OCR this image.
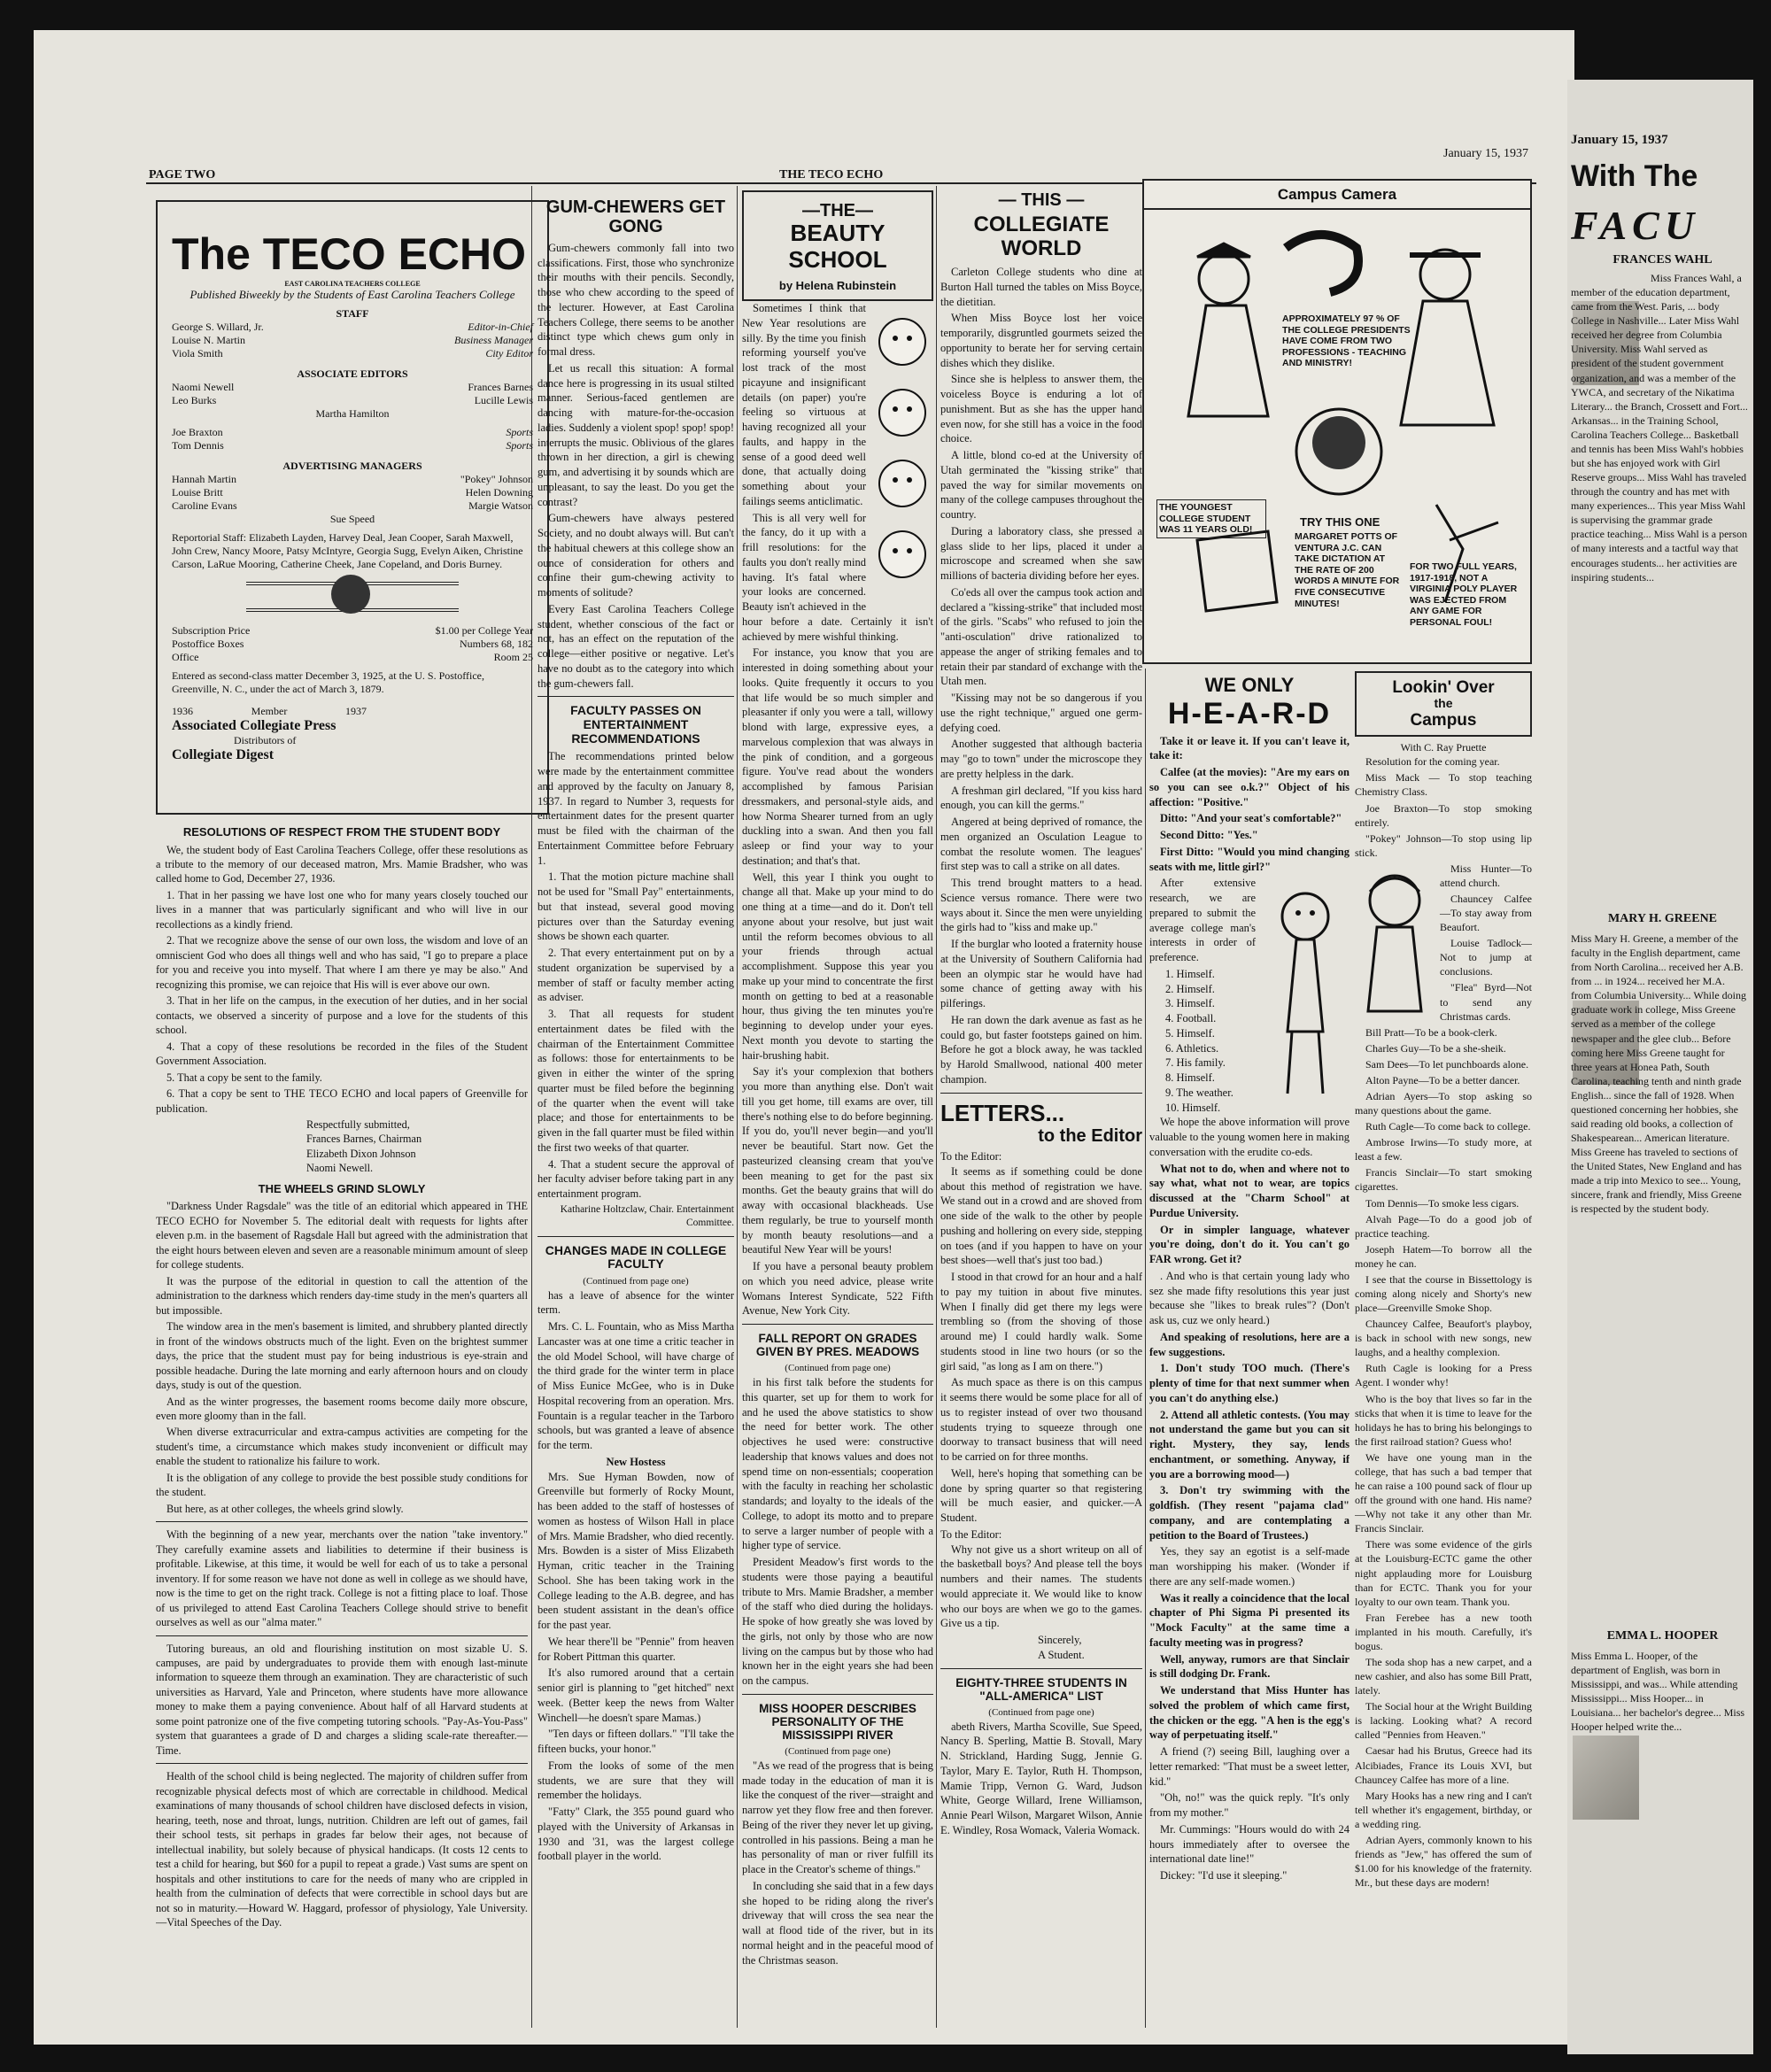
January 15, 1937
With The
FACU
FRANCES WAHL
Miss Frances Wahl, a member of the education department, came from the West. Paris, ... body College in Nashville... Later Miss Wahl received her degree from Columbia University. Miss Wahl served as president of the student government organization, and was a member of the YWCA, and secretary of the Nikatima Literary... the Branch, Crossett and Fort... Arkansas... in the Training School, Carolina Teachers College... Basketball and tennis has been Miss Wahl's hobbies but she has enjoyed work with Girl Reserve groups... Miss Wahl has traveled through the country and has met with many experiences... This year Miss Wahl is supervising the grammar grade practice teaching... Miss Wahl is a person of many interests and a tactful way that encourages students... her activities are inspiring students...
MARY H. GREENE
Miss Mary H. Greene, a member of the faculty in the English department, came from North Carolina... received her A.B. from ... in 1924... received her M.A. from Columbia University... While doing graduate work in college, Miss Greene served as a member of the college newspaper and the glee club... Before coming here Miss Greene taught for three years at Honea Path, South Carolina, teaching tenth and ninth grade English... since the fall of 1928. When questioned concerning her hobbies, she said reading old books, a collection of Shakespearean... American literature. Miss Greene has traveled to sections of the United States, New England and has made a trip into Mexico to see... Young, sincere, frank and friendly, Miss Greene is respected by the student body.
EMMA L. HOOPER
Miss Emma L. Hooper, of the department of English, was born in Mississippi, and was... While attending Mississippi... Miss Hooper... in Louisiana... her bachelor's degree... Miss Hooper helped write the...
PAGE TWO	THE TECO ECHO
January 15, 1937
The TECO ECHO
EAST CAROLINA TEACHERS COLLEGE
Published Biweekly by the Students of East Carolina Teachers College
STAFF
George S. Willard, Jr.	Editor-in-Chief
Louise N. Martin	Business Manager
Viola Smith	City Editor
ASSOCIATE EDITORS
Naomi Newell	Frances Barnes
Leo Burks	Lucille Lewis
Martha Hamilton
Joe Braxton	Sports
Tom Dennis	Sports
ADVERTISING MANAGERS
Hannah Martin	"Pokey" Johnson
Louise Britt	Helen Downing
Caroline Evans	Margie Watson
Sue Speed
Reportorial Staff: Elizabeth Layden, Harvey Deal, Jean Cooper, Sarah Maxwell, John Crew, Nancy Moore, Patsy McIntyre, Georgia Sugg, Evelyn Aiken, Christine Carson, LaRue Mooring, Catherine Cheek, Jane Copeland, and Doris Burney.
Subscription Price	$1.00 per College Year
Postoffice Boxes	Numbers 68, 182
Office	Room 25
Entered as second-class matter December 3, 1925, at the U. S. Postoffice, Greenville, N. C., under the act of March 3, 1879.
1936	Member	1937
Associated Collegiate Press
Distributors of
Collegiate Digest
RESOLUTIONS OF RESPECT FROM THE STUDENT BODY

We, the student body of East Carolina Teachers College, offer these resolutions as a tribute to the memory of our deceased matron, Mrs. Mamie Bradsher, who was called home to God, December 27, 1936.

1. That in her passing we have lost one who for many years closely touched our lives in a manner that was particularly significant and who will live in our recollections as a kindly friend.

2. That we recognize above the sense of our own loss, the wisdom and love of an omniscient God who does all things well and who has said, "I go to prepare a place for you and receive you into myself. That where I am there ye may be also." And recognizing this promise, we can rejoice that His will is ever above our own.

3. That in her life on the campus, in the execution of her duties, and in her social contacts, we observed a sincerity of purpose and a love for the students of this school.

4. That a copy of these resolutions be recorded in the files of the Student Government Association.

5. That a copy be sent to the family.

6. That a copy be sent to THE TECO ECHO and local papers of Greenville for publication.

Respectfully submitted,
Frances Barnes, Chairman
Elizabeth Dixon Johnson
Naomi Newell.
THE WHEELS GRIND SLOWLY

"Darkness Under Ragsdale" was the title of an editorial which appeared in THE TECO ECHO for November 5. The editorial dealt with requests for lights after eleven p.m. in the basement of Ragsdale Hall but agreed with the administration that the eight hours between eleven and seven are a reasonable minimum amount of sleep for college students.

It was the purpose of the editorial in question to call the attention of the administration to the darkness which renders day-time study in the men's quarters all but impossible.

The window area in the men's basement is limited, and shrubbery planted directly in front of the windows obstructs much of the light. Even on the brightest summer days, the price that the student must pay for being industrious is eye-strain and possible headache. During the late morning and early afternoon hours and on cloudy days, study is out of the question.

And as the winter progresses, the basement rooms become daily more obscure, even more gloomy than in the fall.

When diverse extracurricular and extra-campus activities are competing for the student's time, a circumstance which makes study inconvenient or difficult may enable the student to rationalize his failure to work.

It is the obligation of any college to provide the best possible study conditions for the student.

But here, as at other colleges, the wheels grind slowly.

With the beginning of a new year, merchants over the nation "take inventory." They carefully examine assets and liabilities to determine if their business is profitable. Likewise, at this time, it would be well for each of us to take a personal inventory. If for some reason we have not done as well in college as we should have, now is the time to get on the right track. College is not a fitting place to loaf. Those of us privileged to attend East Carolina Teachers College should strive to benefit ourselves as well as our "alma mater."

Tutoring bureaus, an old and flourishing institution on most sizable U. S. campuses, are paid by undergraduates to provide them with enough last-minute information to squeeze them through an examination. They are characteristic of such universities as Harvard, Yale and Princeton, where students have more allowance money to make them a paying convenience. About half of all Harvard students at some point patronize one of the five competing tutoring schools. "Pay-As-You-Pass" system that guarantees a grade of D and charges a sliding scale-rate thereafter.—Time.

Health of the school child is being neglected. The majority of children suffer from recognizable physical defects most of which are correctable in childhood. Medical examinations of many thousands of school children have disclosed defects in vision, hearing, teeth, nose and throat, lungs, nutrition. Children are left out of games, fail their school tests, sit perhaps in grades far below their ages, not because of intellectual inability, but solely because of physical handicaps. (It costs 12 cents to test a child for hearing, but $60 for a pupil to repeat a grade.) Vast sums are spent on hospitals and other institutions to care for the needs of many who are crippled in health from the culmination of defects that were correctible in school days but are not so in maturity.—Howard W. Haggard, professor of physiology, Yale University.—Vital Speeches of the Day.

GUM-CHEWERS GET GONG

Gum-chewers commonly fall into two classifications. First, those who synchronize their mouths with their pencils. Secondly, those who chew according to the speed of the lecturer. However, at East Carolina Teachers College, there seems to be another distinct type which chews gum only in formal dress.

Let us recall this situation: A formal dance here is progressing in its usual stilted manner. Serious-faced gentlemen are dancing with mature-for-the-occasion ladies. Suddenly a violent spop! spop! spop! interrupts the music. Oblivious of the glares thrown in her direction, a girl is chewing gum, and advertising it by sounds which are unpleasant, to say the least. Do you get the contrast?

Gum-chewers have always pestered Society, and no doubt always will. But can't the habitual chewers at this college show an ounce of consideration for others and confine their gum-chewing activity to moments of solitude?

Every East Carolina Teachers College student, whether conscious of the fact or not, has an effect on the reputation of the college—either positive or negative. Let's have no doubt as to the category into which the gum-chewers fall.

FACULTY PASSES ON ENTERTAINMENT RECOMMENDATIONS

The recommendations printed below were made by the entertainment committee and approved by the faculty on January 8, 1937. In regard to Number 3, requests for entertainment dates for the present quarter must be filed with the chairman of the Entertainment Committee before February 1.

1. That the motion picture machine shall not be used for "Small Pay" entertainments, but that instead, several good moving pictures over than the Saturday evening shows be shown each quarter.

2. That every entertainment put on by a student organization be supervised by a member of staff or faculty member acting as adviser.

3. That all requests for student entertainment dates be filed with the chairman of the Entertainment Committee as follows: those for entertainments to be given in either the winter of the spring quarter must be filed before the beginning of the quarter when the event will take place; and those for entertainments to be given in the fall quarter must be filed within the first two weeks of that quarter.

4. That a student secure the approval of her faculty adviser before taking part in any entertainment program.

Katharine Holtzclaw, Chair. Entertainment Committee.
CHANGES MADE IN COLLEGE FACULTY
(Continued from page one)

has a leave of absence for the winter term.

Mrs. C. L. Fountain, who as Miss Martha Lancaster was at one time a critic teacher in the old Model School, will have charge of the third grade for the winter term in place of Miss Eunice McGee, who is in Duke Hospital recovering from an operation. Mrs. Fountain is a regular teacher in the Tarboro schools, but was granted a leave of absence for the term.

New Hostess

Mrs. Sue Hyman Bowden, now of Greenville but formerly of Rocky Mount, has been added to the staff of hostesses of women as hostess of Wilson Hall in place of Mrs. Mamie Bradsher, who died recently. Mrs. Bowden is a sister of Miss Elizabeth Hyman, critic teacher in the Training School. She has been taking work in the College leading to the A.B. degree, and has been student assistant in the dean's office for the past year.

We hear there'll be "Pennie" from heaven for Robert Pittman this quarter.

It's also rumored around that a certain senior girl is planning to "get hitched" next week. (Better keep the news from Walter Winchell—he doesn't spare Mamas.)

"Ten days or fifteen dollars." "I'll take the fifteen bucks, your honor."

From the looks of some of the men students, we are sure that they will remember the holidays.

"Fatty" Clark, the 355 pound guard who played with the University of Arkansas in 1930 and '31, was the largest college football player in the world.

—THE—
BEAUTY SCHOOL
by Helena Rubinstein

Sometimes I think that New Year resolutions are silly. By the time you finish reforming yourself you've lost track of the most picayune and insignificant details (on paper) you're feeling so virtuous at having recognized all your faults, and happy in the sense of a good deed well done, that actually doing something about your failings seems anticlimatic.

This is all very well for the fancy, do it up with a frill resolutions: for the faults you don't really mind having. It's fatal where your looks are concerned. Beauty isn't achieved in the hour before a date. Certainly it isn't achieved by mere wishful thinking.

For instance, you know that you are interested in doing something about your looks. Quite frequently it occurs to you that life would be so much simpler and pleasanter if only you were a tall, willowy blond with large, expressive eyes, a marvelous complexion that was always in the pink of condition, and a gorgeous figure. You've read about the wonders accomplished by famous Parisian dressmakers, and personal-style aids, and how Norma Shearer turned from an ugly duckling into a swan. And then you fall asleep or find your way to your destination; and that's that.

Well, this year I think you ought to change all that. Make up your mind to do one thing at a time—and do it. Don't tell anyone about your resolve, but just wait until the reform becomes obvious to all your friends through actual accomplishment. Suppose this year you make up your mind to concentrate the first month on getting to bed at a reasonable hour, thus giving the ten minutes you're beginning to develop under your eyes. Next month you devote to starting the hair-brushing habit.

Say it's your complexion that bothers you more than anything else. Don't wait till you get home, till exams are over, till there's nothing else to do before beginning. If you do, you'll never begin—and you'll never be beautiful. Start now. Get the pasteurized cleansing cream that you've been meaning to get for the past six months. Get the beauty grains that will do away with occasional blackheads. Use them regularly, be true to yourself month by month beauty resolutions—and a beautiful New Year will be yours!

If you have a personal beauty problem on which you need advice, please write Womans Interest Syndicate, 522 Fifth Avenue, New York City.

FALL REPORT ON GRADES GIVEN BY PRES. MEADOWS
(Continued from page one)

in his first talk before the students for this quarter, set up for them to work for and he used the above statistics to show the need for better work. The other objectives he used were: constructive leadership that knows values and does not spend time on non-essentials; cooperation with the faculty in reaching her scholastic standards; and loyalty to the ideals of the College, to adopt its motto and to prepare to serve a larger number of people with a higher type of service.

President Meadow's first words to the students were those paying a beautiful tribute to Mrs. Mamie Bradsher, a member of the staff who died during the holidays. He spoke of how greatly she was loved by the girls, not only by those who are now living on the campus but by those who had known her in the eight years she had been on the campus.

MISS HOOPER DESCRIBES PERSONALITY OF THE MISSISSIPPI RIVER
(Continued from page one)

"As we read of the progress that is being made today in the education of man it is like the conquest of the river—straight and narrow yet they flow free and then forever. Being of the river they never let up giving, controlled in his passions. Being a man he has personality of man or river fulfill its place in the Creator's scheme of things."

In concluding she said that in a few days she hoped to be riding along the river's driveway that will cross the sea near the wall at flood tide of the river, but in its normal height and in the peaceful mood of the Christmas season.

— THIS —
COLLEGIATE WORLD

Carleton College students who dine at Burton Hall turned the tables on Miss Boyce, the dietitian.

When Miss Boyce lost her voice temporarily, disgruntled gourmets seized the opportunity to berate her for serving certain dishes which they dislike.

Since she is helpless to answer them, the voiceless Boyce is enduring a lot of punishment. But as she has the upper hand even now, for she still has a voice in the food choice.

A little, blond co-ed at the University of Utah germinated the "kissing strike" that paved the way for similar movements on many of the college campuses throughout the country.

During a laboratory class, she pressed a glass slide to her lips, placed it under a microscope and screamed when she saw millions of bacteria dividing before her eyes.

Co'eds all over the campus took action and declared a "kissing-strike" that included most of the girls. "Scabs" who refused to join the "anti-osculation" drive rationalized to appease the anger of striking females and to retain their par standard of exchange with the Utah men.

"Kissing may not be so dangerous if you use the right technique," argued one germ-defying coed.

Another suggested that although bacteria may "go to town" under the microscope they are pretty helpless in the dark.

A freshman girl declared, "If you kiss hard enough, you can kill the germs."

Angered at being deprived of romance, the men organized an Osculation League to combat the resolute women. The leagues' first step was to call a strike on all dates.

This trend brought matters to a head. Science versus romance. There were two ways about it. Since the men were unyielding the girls had to "kiss and make up."

If the burglar who looted a fraternity house at the University of Southern California had been an olympic star he would have had some chance of getting away with his pilferings.

He ran down the dark avenue as fast as he could go, but faster footsteps gained on him. Before he got a block away, he was tackled by Harold Smallwood, national 400 meter champion.

LETTERS...
to the Editor
To the Editor:

It seems as if something could be done about this method of registration we have. We stand out in a crowd and are shoved from one side of the walk to the other by people pushing and hollering on every side, stepping on toes (and if you happen to have on your best shoes—well that's just too bad.)

I stood in that crowd for an hour and a half to pay my tuition in about five minutes. When I finally did get there my legs were trembling so (from the shoving of those around me) I could hardly walk. Some students stood in line two hours (or so the girl said, "as long as I am on there.")

As much space as there is on this campus it seems there would be some place for all of us to register instead of over two thousand students trying to squeeze through one doorway to transact business that will need to be carried on for three months.

Well, here's hoping that something can be done by spring quarter so that registering will be much easier, and quicker.—A Student.

To the Editor:

Why not give us a short writeup on all of the basketball boys? And please tell the boys numbers and their names. The students would appreciate it. We would like to know who our boys are when we go to the games. Give us a tip.

Sincerely,
A Student.
EIGHTY-THREE STUDENTS IN "ALL-AMERICA" LIST
(Continued from page one)

abeth Rivers, Martha Scoville, Sue Speed, Nancy B. Sperling, Mattie B. Stovall, Mary N. Strickland, Harding Sugg, Jennie G. Taylor, Mary E. Taylor, Ruth H. Thompson, Mamie Tripp, Vernon G. Ward, Judson White, George Willard, Irene Williamson, Annie Pearl Wilson, Margaret Wilson, Annie E. Windley, Rosa Womack, Valeria Womack.

Campus Camera
APPROXIMATELY 97 % OF THE COLLEGE PRESIDENTS HAVE COME FROM TWO PROFESSIONS - TEACHING AND MINISTRY!
THE YOUNGEST COLLEGE STUDENT WAS 11 YEARS OLD!
TRY THIS ONE
MARGARET POTTS OF VENTURA J.C. CAN TAKE DICTATION AT THE RATE OF 200 WORDS A MINUTE FOR FIVE CONSECUTIVE MINUTES!
FOR TWO FULL YEARS, 1917-1918, NOT A VIRGINIA POLY PLAYER WAS EJECTED FROM ANY GAME FOR PERSONAL FOUL!
WE ONLY
H-E-A-R-D

Take it or leave it. If you can't leave it, take it:

Calfee (at the movies): "Are my ears on so you can see o.k.?" Object of his affection: "Positive."

Ditto: "And your seat's comfortable?"

Second Ditto: "Yes."

First Ditto: "Would you mind changing seats with me, little girl?"

After extensive research, we are prepared to submit the average college man's interests in order of preference.

1. Himself.
2. Himself.
3. Himself.
4. Football.
5. Himself.
6. Athletics.
7. His family.
8. Himself.
9. The weather.
10. Himself.

We hope the above information will prove valuable to the young women here in making conversation with the erudite co-eds.

What not to do, when and where not to say what, what not to wear, are topics discussed at the "Charm School" at Purdue University.

Or in simpler language, whatever you're doing, don't do it. You can't go FAR wrong. Get it?

. And who is that certain young lady who sez she made fifty resolutions this year just because she "likes to break rules"? (Don't ask us, cuz we only heard.)

And speaking of resolutions, here are a few suggestions.

1. Don't study TOO much. (There's plenty of time for that next summer when you can't do anything else.)

2. Attend all athletic contests. (You may not understand the game but you can sit right. Mystery, they say, lends enchantment, or something. Anyway, if you are a borrowing mood—)

3. Don't try swimming with the goldfish. (They resent "pajama clad" company, and are contemplating a petition to the Board of Trustees.)

Yes, they say an egotist is a self-made man worshipping his maker. (Wonder if there are any self-made women.)

Was it really a coincidence that the local chapter of Phi Sigma Pi presented its "Mock Faculty" at the same time a faculty meeting was in progress?

Well, anyway, rumors are that Sinclair is still dodging Dr. Frank.

We understand that Miss Hunter has solved the problem of which came first, the chicken or the egg. "A hen is the egg's way of perpetuating itself."

A friend (?) seeing Bill, laughing over a letter remarked: "That must be a sweet letter, kid."

"Oh, no!" was the quick reply. "It's only from my mother."

Mr. Cummings: "Hours would do with 24 hours immediately after to oversee the international date line!"

Dickey: "I'd use it sleeping."

Lookin' Over
the
Campus
With C. Ray Pruette

Resolution for the coming year.

Miss Mack — To stop teaching Chemistry Class.

Joe Braxton—To stop smoking entirely.

"Pokey" Johnson—To stop using lip stick.

Miss Hunter—To attend church.

Chauncey Calfee—To stay away from Beaufort.

Louise Tadlock—Not to jump at conclusions.

"Flea" Byrd—Not to send any Christmas cards.

Bill Pratt—To be a book-clerk.

Charles Guy—To be a she-sheik.

Sam Dees—To let punchboards alone.

Alton Payne—To be a better dancer.

Adrian Ayers—To stop asking so many questions about the game.

Ruth Cagle—To come back to college.

Ambrose Irwins—To study more, at least a few.

Francis Sinclair—To start smoking cigarettes.

Tom Dennis—To smoke less cigars.

Alvah Page—To do a good job of practice teaching.

Joseph Hatem—To borrow all the money he can.

I see that the course in Bissettology is coming along nicely and Shorty's new place—Greenville Smoke Shop.

Chauncey Calfee, Beaufort's playboy, is back in school with new songs, new laughs, and a healthy complexion.

Ruth Cagle is looking for a Press Agent. I wonder why!

Who is the boy that lives so far in the sticks that when it is time to leave for the holidays he has to bring his belongings to the first railroad station? Guess who!

We have one young man in the college, that has such a bad temper that he can raise a 100 pound sack of flour up off the ground with one hand. His name?—Why not take it any other than Mr. Francis Sinclair.

There was some evidence of the girls at the Louisburg-ECTC game the other night applauding more for Louisburg than for ECTC. Thank you for your loyalty to our own team. Thank you.

Fran Ferebee has a new tooth implanted in his mouth. Carefully, it's bogus.

The soda shop has a new carpet, and a new cashier, and also has some Bill Pratt, lately.

The Social hour at the Wright Building is lacking. Looking what? A record called "Pennies from Heaven."

Caesar had his Brutus, Greece had its Alcibiades, France its Louis XVI, but Chauncey Calfee has more of a line.

Mary Hooks has a new ring and I can't tell whether it's engagement, birthday, or a wedding ring.

Adrian Ayers, commonly known to his friends as "Jew," has offered the sum of $1.00 for his knowledge of the fraternity. Mr., but these days are modern!
